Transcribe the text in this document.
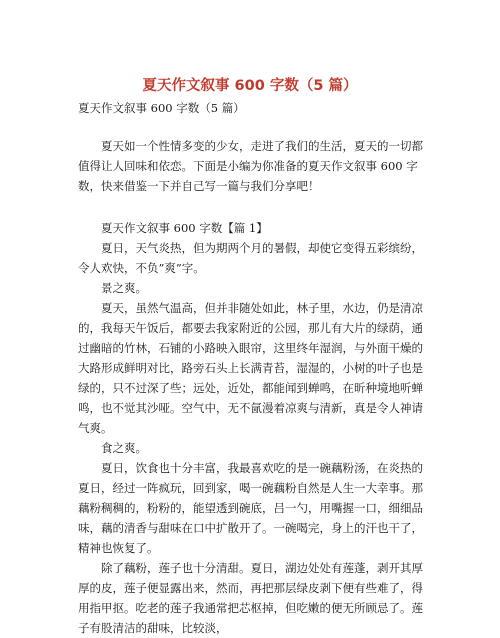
夏天作文叙事 600 字数（5 篇）

夏天作文叙事 600 字数（5 篇）

夏天如一个性情多变的少女，走进了我们的生活，夏天的一切都值得让人回味和依恋。下面是小编为你准备的夏天作文叙事 600 字数，快来借鉴一下并自己写一篇与我们分享吧！

夏天作文叙事 600 字数【篇 1】

夏日，天气炎热，但为期两个月的暑假，却使它变得五彩缤纷，令人欢快，不负”爽”字。

景之爽。

夏天，虽然气温高，但并非随处如此，林子里，水边，仍是清凉的，我每天午饭后，都要去我家附近的公园，那儿有大片的绿荫，通过幽暗的竹林，石铺的小路映入眼帘，这里终年湿润，与外面干燥的大路形成鲜明对比，路旁石头上长满青苔，湿湿的，小树的叶子也是绿的，只不过深了些；远处，近处，都能闻到蝉鸣，在昕种境地听蝉鸣，也不觉其沙哑。空气中，无不氤漫着凉爽与清新，真是令人神请气爽。

食之爽。

夏日，饮食也十分丰富，我最喜欢吃的是一碗藕粉汤，在炎热的夏日，经过一阵疯玩，回到家，喝一碗藕粉自然是人生一大幸事。那藕粉稠稠的，粉粉的，能望透到碗底，吕一勺，用嘴握一口，细细品味，藕的清香与甜味在口中扩散开了。一碗喝完，身上的汗也干了，精神也恢复了。

除了藕粉，莲子也十分清甜。夏日，湖边处处有莲蓬，剥开其厚厚的皮，莲子便显露出来，然而，再把那层绿皮剥下便有些难了，得用指甲抠。吃老的莲子我通常把芯枢掉，但吃嫩的便无所顾忌了。莲子有股清洁的甜味，比较淡，
